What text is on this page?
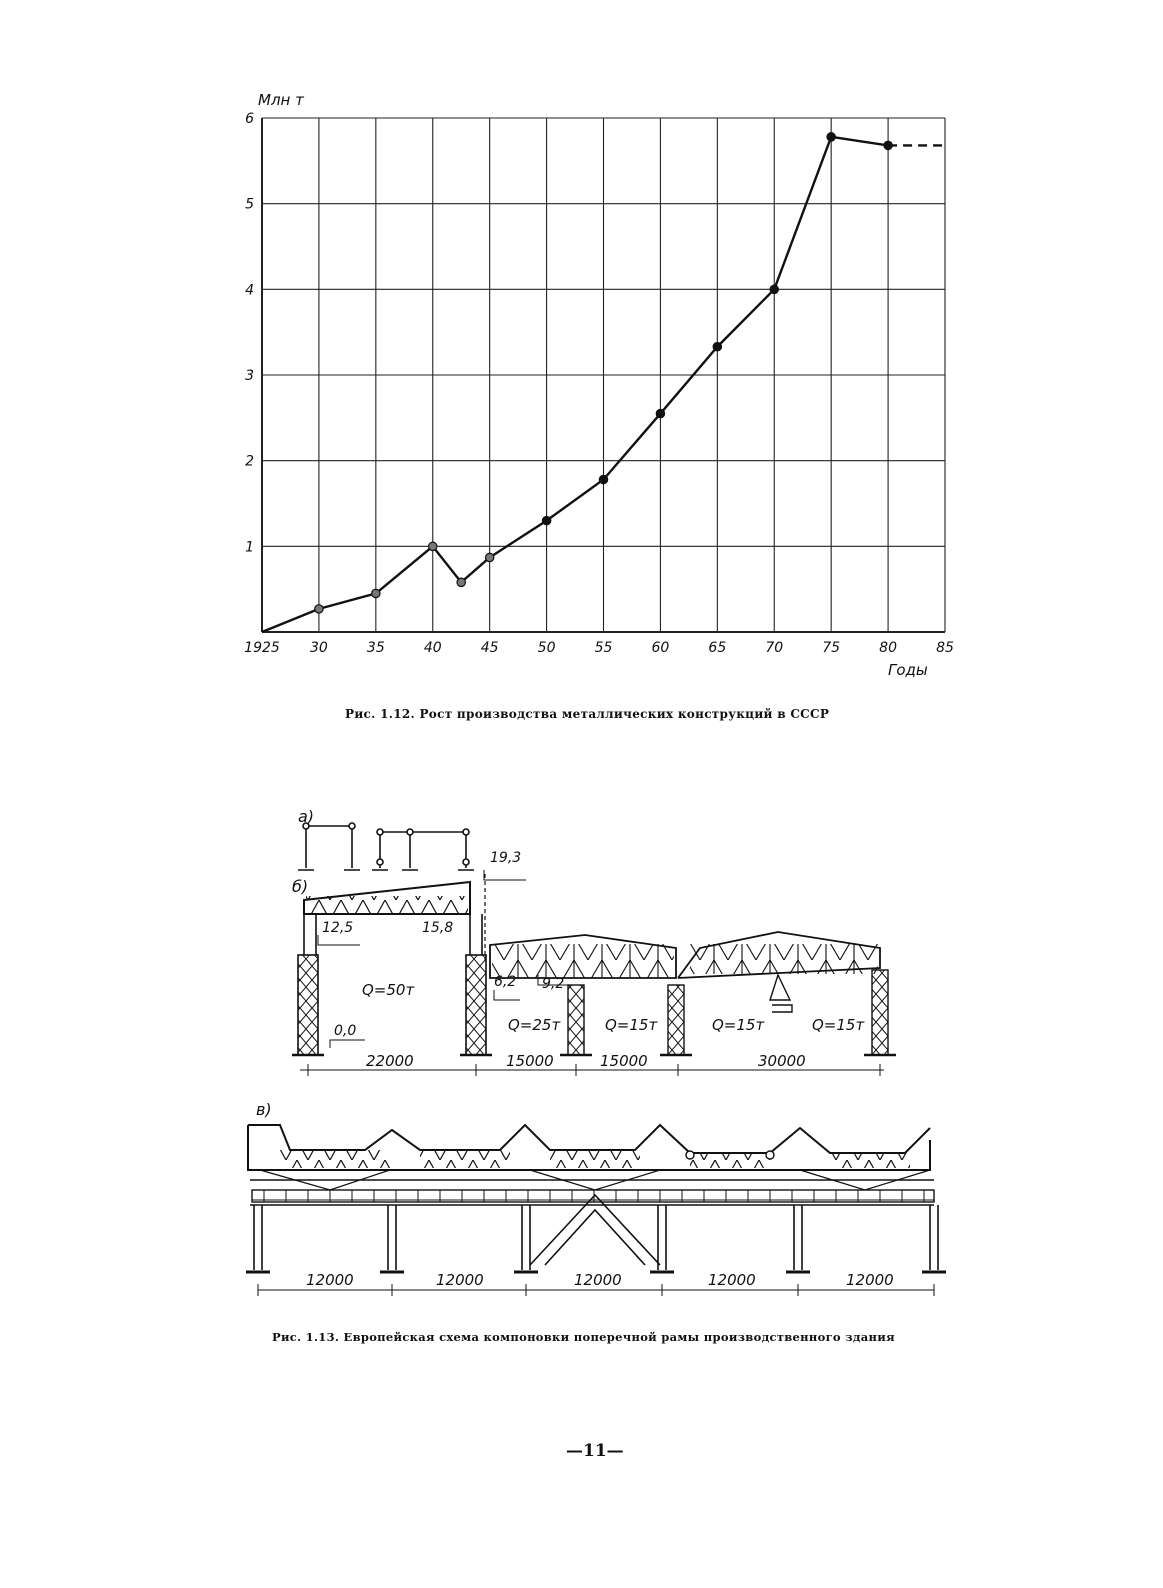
1925 30	35	40	45	50	55	60	65	70	75	80	85
1
2
3
4
5
6
Млн т
Годы
Рис. 1.12. Рост производства металлических конструкций в СССР
а)
б)
в)
19,3
12,5	15,8
6,2 9,2
0,0
Q=50т
Q=25т	Q=15т	Q=15т	Q=15т
22000	15000	15000	30000
12000	12000	12000	12000	12000
Рис. 1.13. Европейская схема компоновки поперечной рамы производственного здания
—11—
